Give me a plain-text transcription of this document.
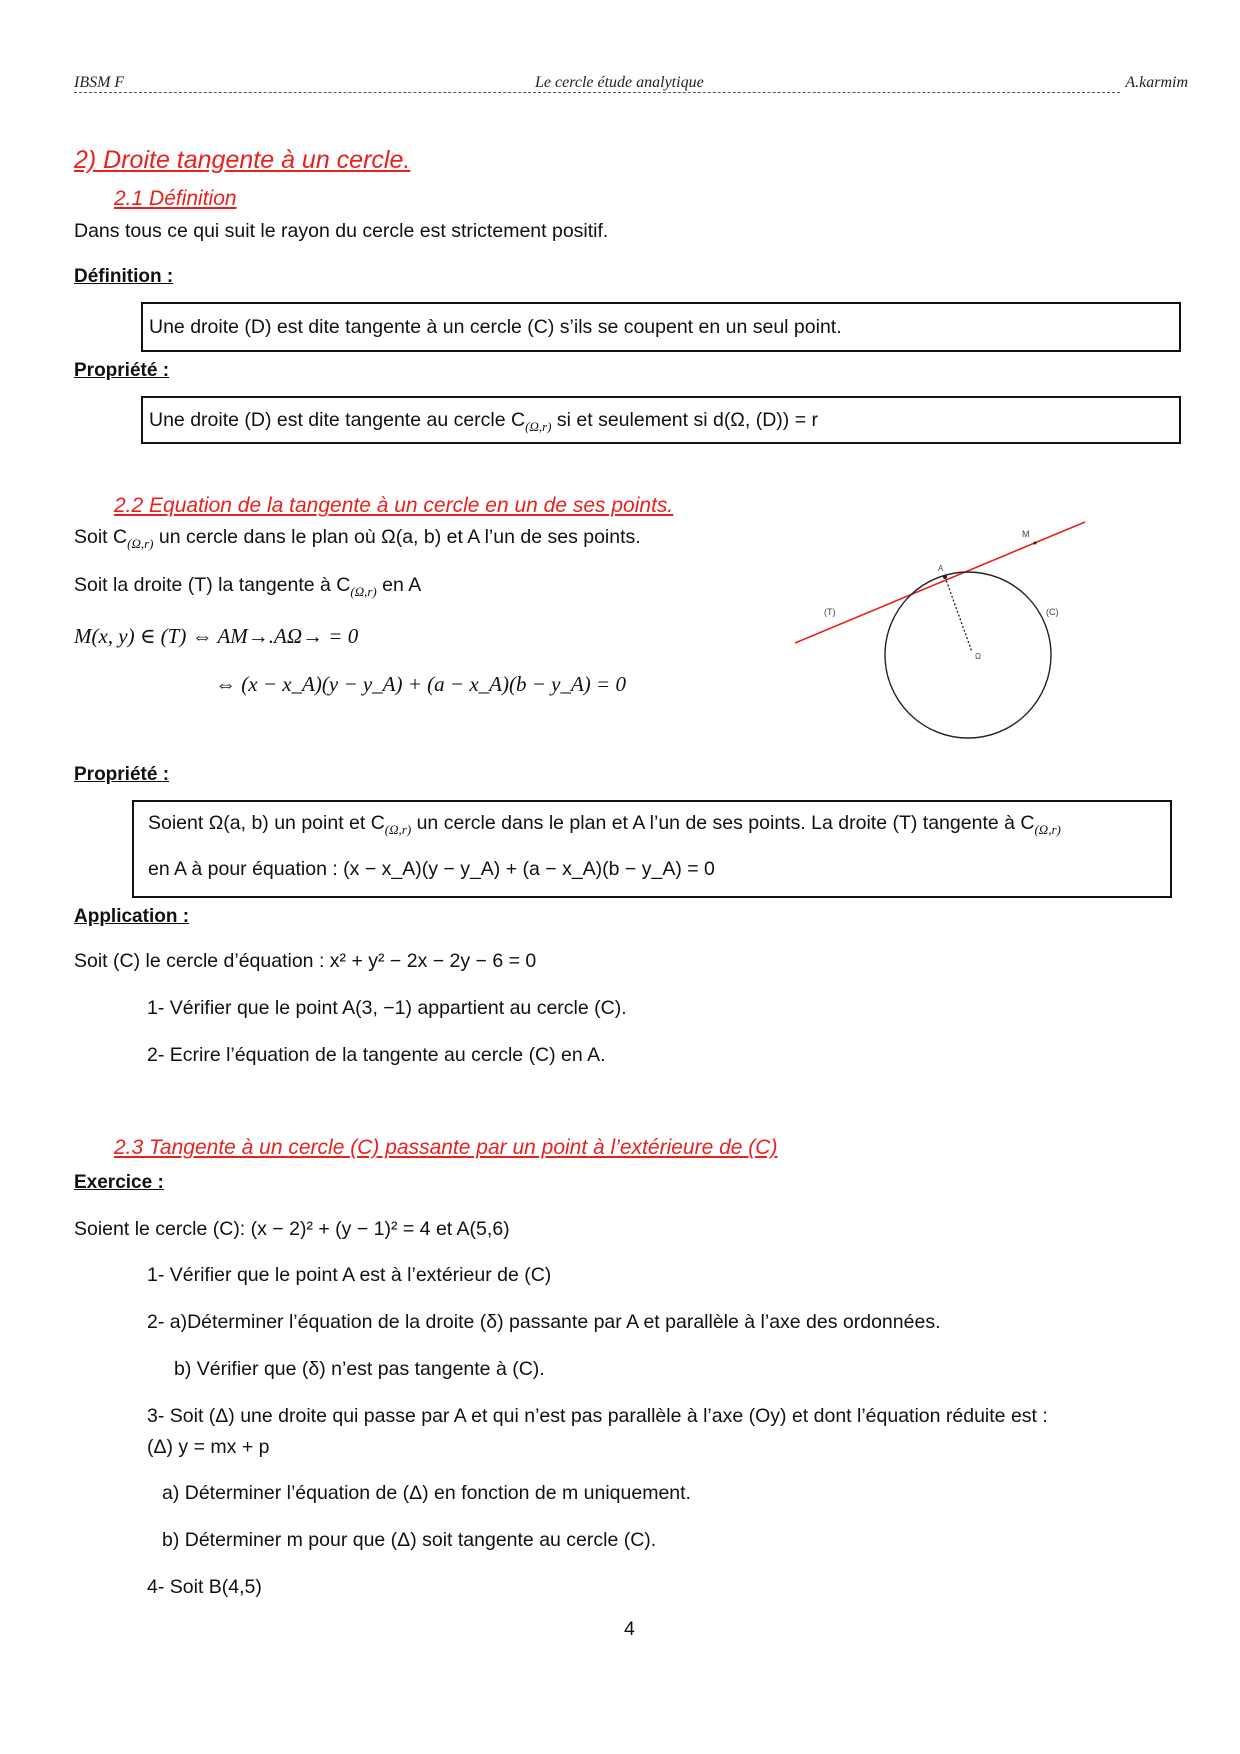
IBSM F	Le cercle étude analytique	A.karmim
2) Droite tangente à un cercle.
2.1 Définition
Dans tous ce qui suit le rayon du cercle est strictement positif.
Définition :
Une droite (D) est dite tangente à un cercle (C) s’ils se coupent en un seul point.
Propriété :
Une droite (D) est dite tangente au cercle $C_{(\Omega,r)}$ si et seulement si d(Ω, (D)) = r
2.2 Equation de la tangente à un cercle en un de ses points.
Soit $C_{(\Omega,r)}$ un cercle dans le plan où Ω(a, b) et A l’un de ses points.
Soit la droite (T) la tangente à $C_{(\Omega,r)}$ en A
M(x, y) ∈ (T) ⇔ AM→.AΩ→ = 0
⇔ (x − x_A)(y − y_A) + (a − x_A)(b − y_A) = 0
M
A
(T)	(C)
Ω
Propriété :
Soient Ω(a, b) un point et $C_{(\Omega,r)}$ un cercle dans le plan et A l’un de ses points. La droite (T) tangente à $C_{(\Omega,r)}$
en A à pour équation : (x − x_A)(y − y_A) + (a − x_A)(b − y_A) = 0
Application :
Soit (C) le cercle d’équation : x² + y² − 2x − 2y − 6 = 0
1- Vérifier que le point A(3, −1) appartient au cercle (C).
2- Ecrire l’équation de la tangente au cercle (C) en A.
2.3 Tangente à un cercle (C) passante par un point à l’extérieure de (C)
Exercice :
Soient le cercle (C): (x − 2)² + (y − 1)² = 4 et A(5,6)
1- Vérifier que le point A est à l’extérieur de (C)
2- a)Déterminer l’équation de la droite (δ) passante par A et parallèle à l’axe des ordonnées.
b) Vérifier que (δ) n’est pas tangente à (C).
3- Soit (Δ) une droite qui passe par A et qui n’est pas parallèle à l’axe (Oy) et dont l’équation réduite est :
(Δ) y = mx + p
a) Déterminer l’équation de (Δ) en fonction de m uniquement.
b) Déterminer m pour que (Δ) soit tangente au cercle (C).
4- Soit B(4,5)
4
